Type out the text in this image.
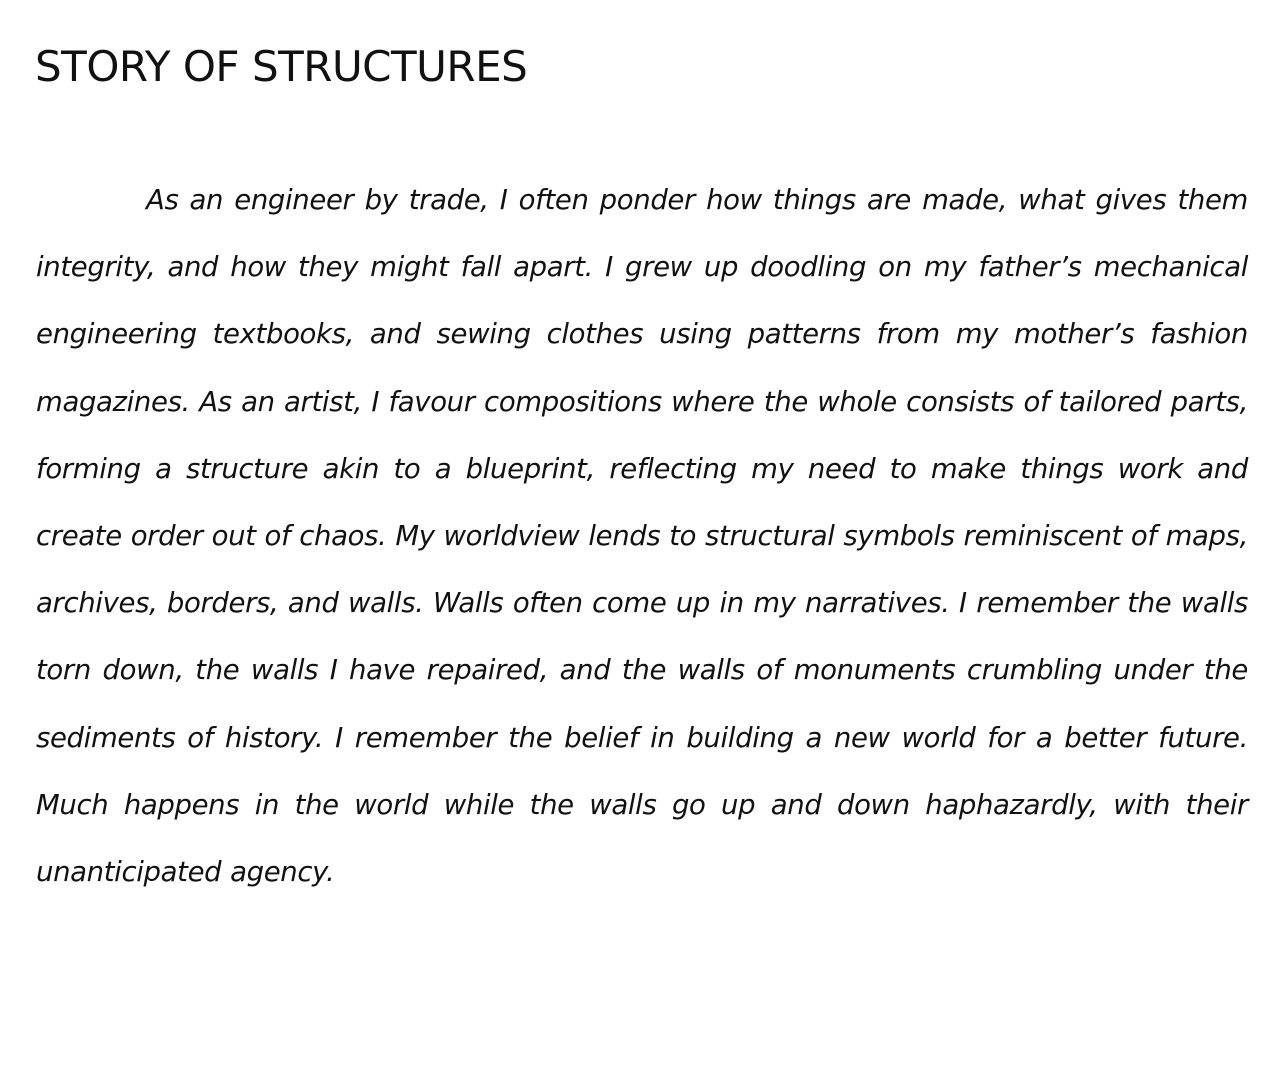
STORY OF STRUCTURES

As an engineer by trade, I often ponder how things are made, what gives them integrity, and how they might fall apart. I grew up doodling on my father’s mechanical engineering textbooks, and sewing clothes using patterns from my mother’s fashion magazines. As an artist, I favour compositions where the whole consists of tailored parts, forming a structure akin to a blueprint, reflecting my need to make things work and create order out of chaos. My worldview lends to structural symbols reminiscent of maps, archives, borders, and walls. Walls often come up in my narratives. I remember the walls torn down, the walls I have repaired, and the walls of monuments crumbling under the sediments of history. I remember the belief in building a new world for a better future. Much happens in the world while the walls go up and down haphazardly, with their unanticipated agency.
